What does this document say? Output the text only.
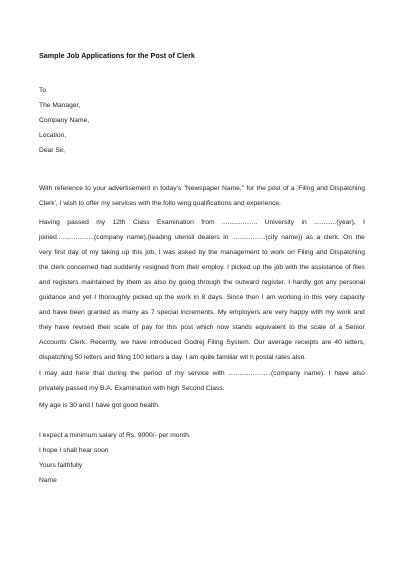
Sample Job Applications for the Post of Clerk

To

The Manager,

Company Name,

Location,

Dear Sir,

With reference to your advertisement in today's "Newspaper Name," for the post of a 'Filing and Dispatching

Clerk', I wish to offer my services with the follo wing qualifications and experience.

Having passed my 12th Class Examination from ................... University in ............(year), I

joined....................(company name),(leading utensil dealers in ..................(city name)) as a clerk. On the

very first day of my taking up this job, I was asked by the management to work on Filing and Dispatching

the clerk concerned had suddenly resigned from their employ. I picked up the job with the assistance of files

and registers maintained by them as also by going through the outward register. I hardly got any personal

guidance and yet I thoroughly picked up the work in 8 days. Since then I am working in this very capacity

and have been granted as many as 7 special increments. My employers are very happy with my work and

they have revised their scale of pay for this post which now stands equivalent to the scale of a Senior

Accounts Clerk. Recently, we have introduced Godrej Filing System. Our average receipts are 40 letters,

dispatching 50 letters and filing 100 letters a day. I am quite familiar wit h postal rates also.

I may add here that during the period of my service with .......................(company name). I have also

privately passed my B.A. Examination with high Second Class.

My age is 30 and I have got good health.

I expect a minimum salary of Rs. 9000/- per month.

I hope I shall hear soon

Yours faithfully

Name
